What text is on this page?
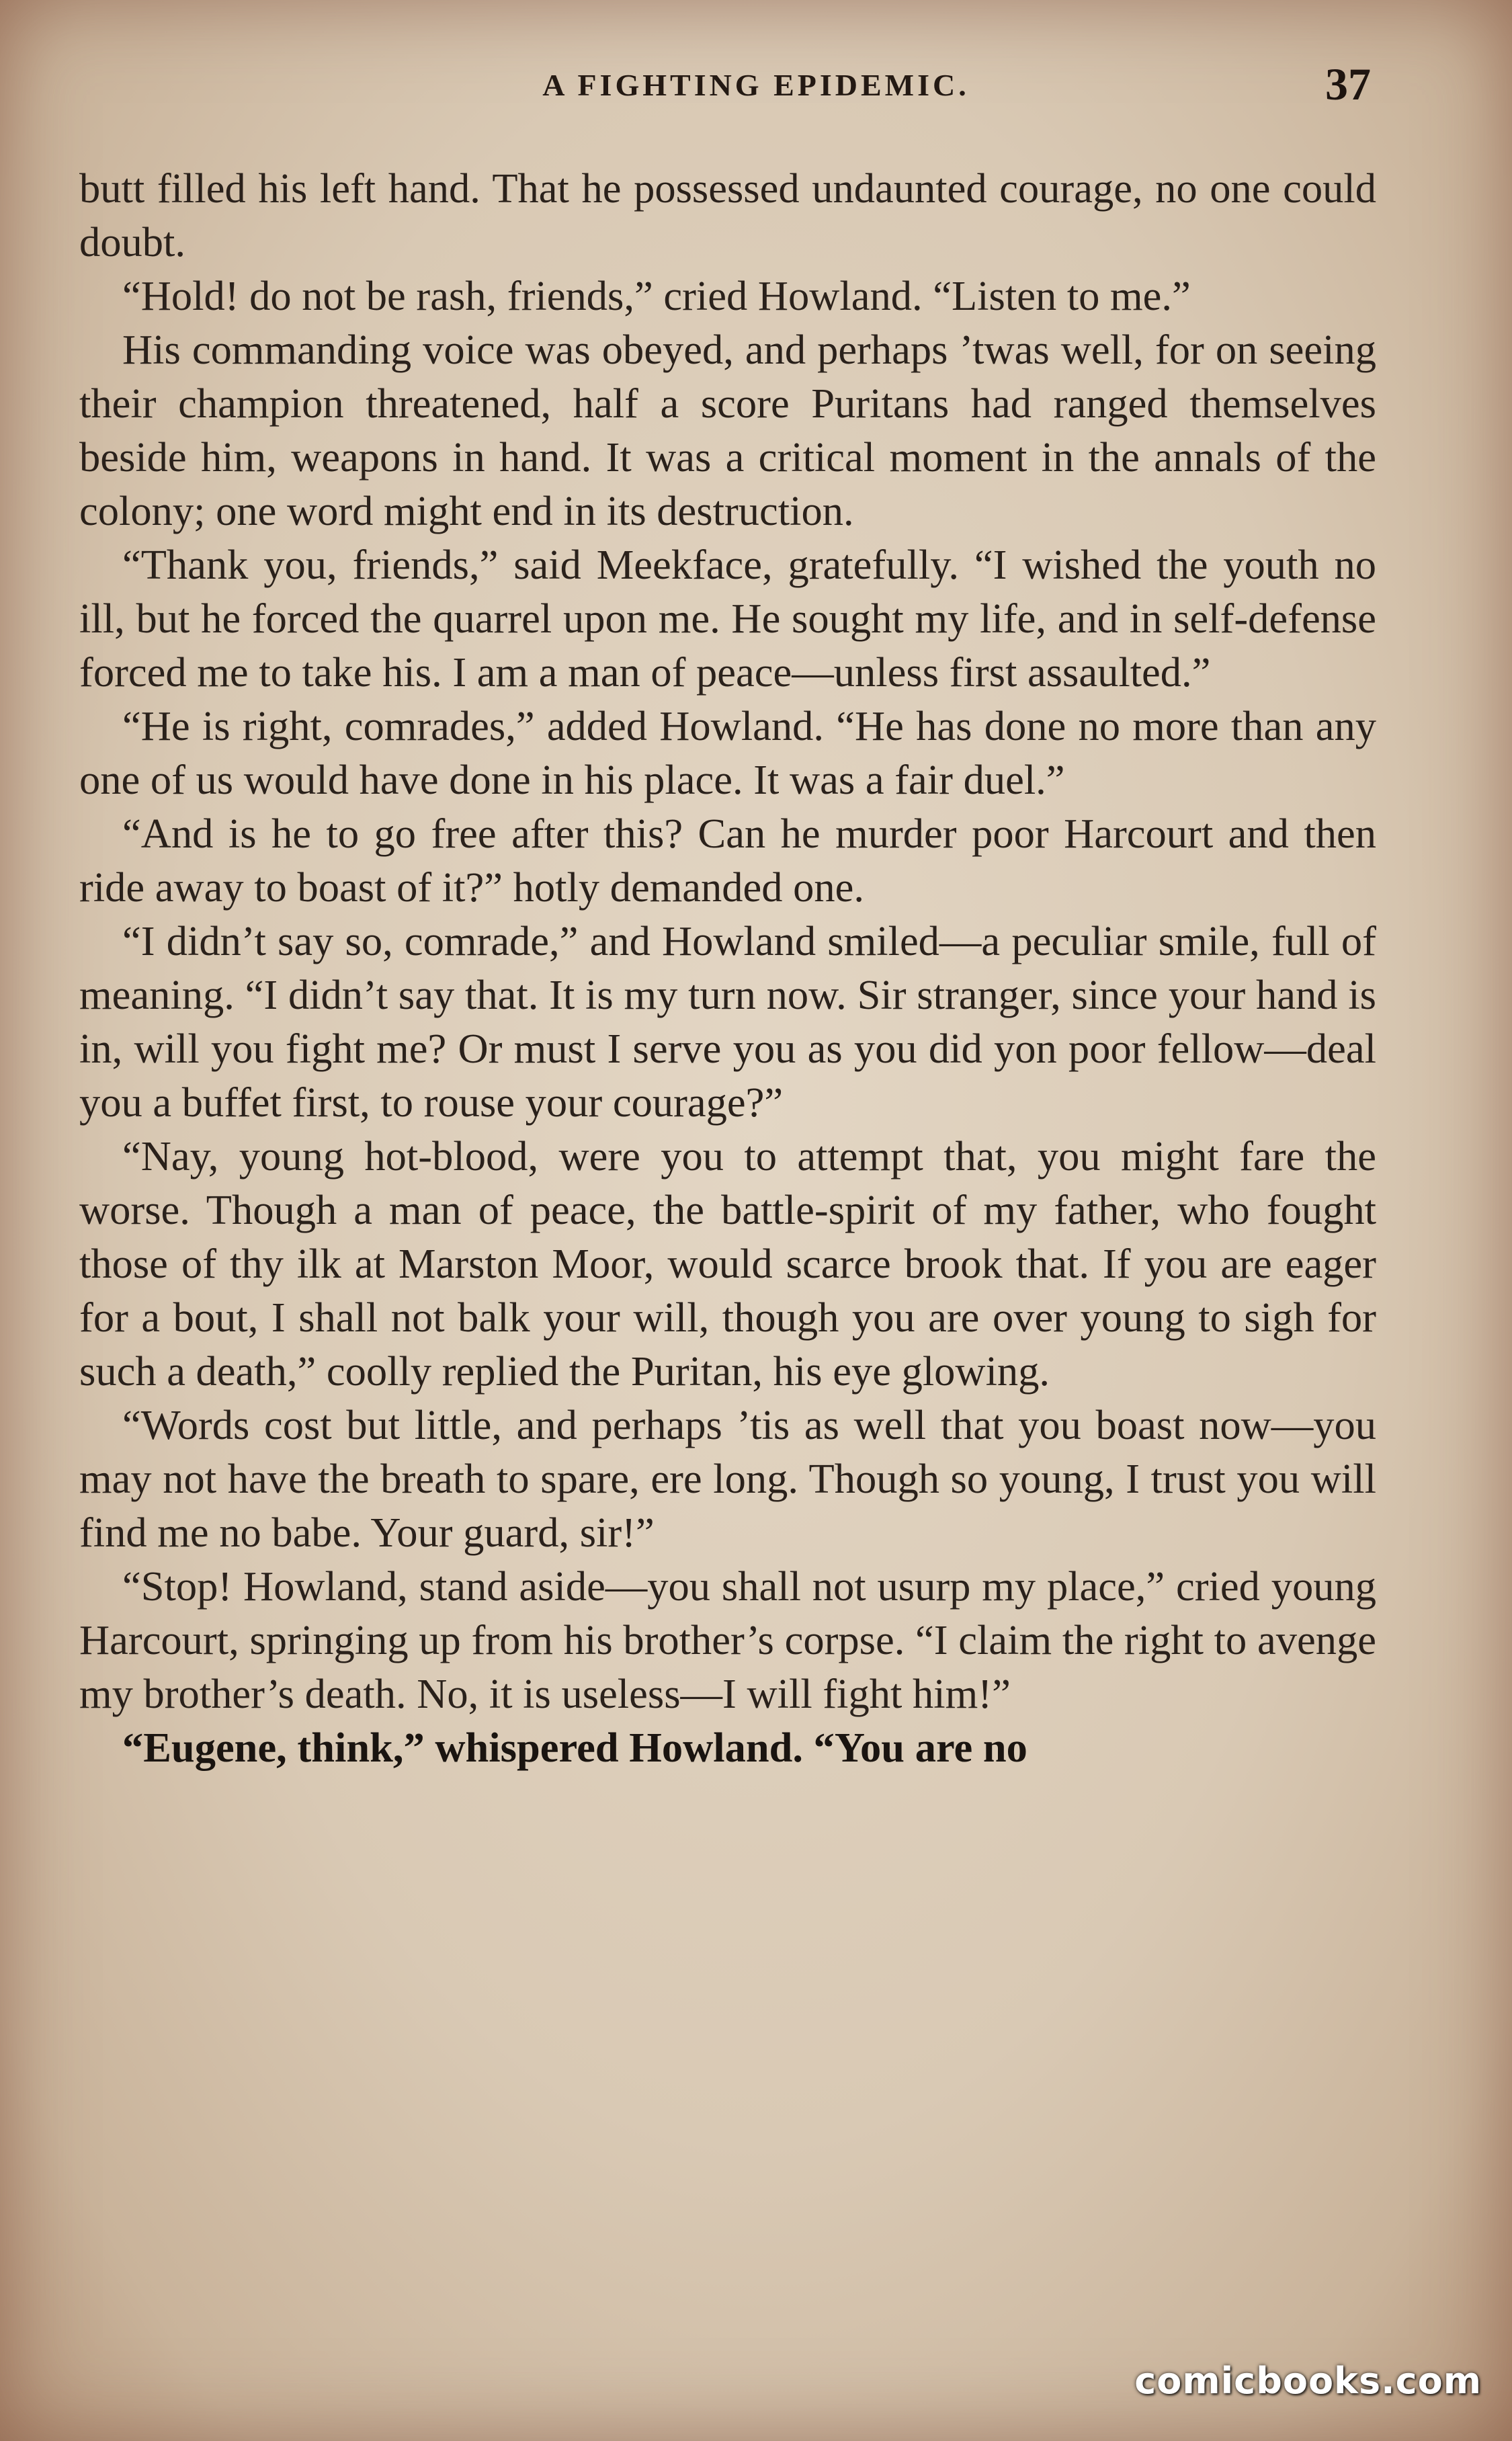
A FIGHTING EPIDEMIC.	37

butt filled his left hand. That he possessed undaunted courage, no one could doubt.

“Hold! do not be rash, friends,” cried Howland. “Listen to me.”

His commanding voice was obeyed, and perhaps ’twas well, for on seeing their champion threatened, half a score Puritans had ranged themselves beside him, weapons in hand. It was a critical moment in the annals of the colony; one word might end in its destruction.

“Thank you, friends,” said Meekface, gratefully. “I wished the youth no ill, but he forced the quarrel upon me. He sought my life, and in self-defense forced me to take his. I am a man of peace—unless first assaulted.”

“He is right, comrades,” added Howland. “He has done no more than any one of us would have done in his place. It was a fair duel.”

“And is he to go free after this? Can he murder poor Harcourt and then ride away to boast of it?” hotly demanded one.

“I didn’t say so, comrade,” and Howland smiled—a peculiar smile, full of meaning. “I didn’t say that. It is my turn now. Sir stranger, since your hand is in, will you fight me? Or must I serve you as you did yon poor fellow—deal you a buffet first, to rouse your courage?”

“Nay, young hot-blood, were you to attempt that, you might fare the worse. Though a man of peace, the battle-spirit of my father, who fought those of thy ilk at Marston Moor, would scarce brook that. If you are eager for a bout, I shall not balk your will, though you are over young to sigh for such a death,” coolly replied the Puritan, his eye glowing.

“Words cost but little, and perhaps ’tis as well that you boast now—you may not have the breath to spare, ere long. Though so young, I trust you will find me no babe. Your guard, sir!”

“Stop! Howland, stand aside—you shall not usurp my place,” cried young Harcourt, springing up from his brother’s corpse. “I claim the right to avenge my brother’s death. No, it is useless—I will fight him!”

“Eugene, think,” whispered Howland. “You are no

comicbooks.com
